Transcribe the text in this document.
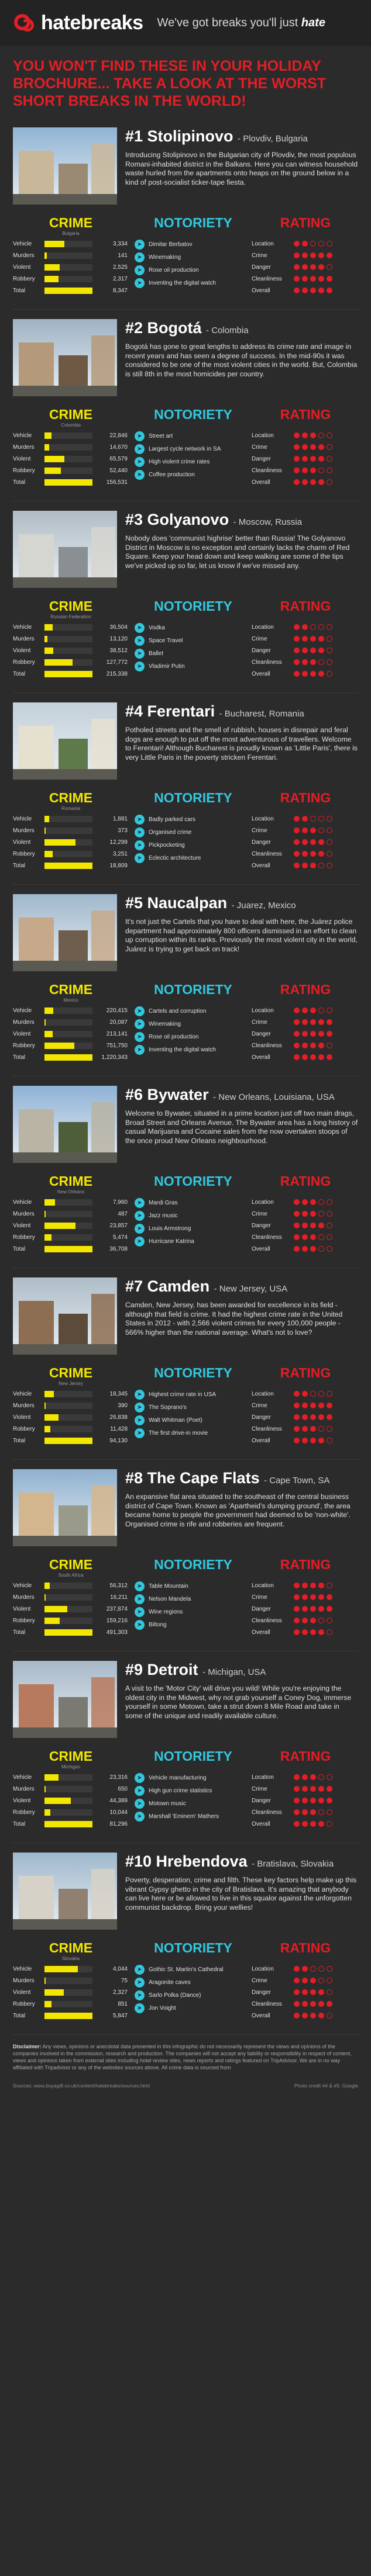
hatebreaks We've got breaks you'll just hate
YOU WON'T FIND THESE IN YOUR HOLIDAY BROCHURE... TAKE A LOOK AT THE WORST SHORT BREAKS IN THE WORLD!
#1 Stolipinovo - Plovdiv, Bulgaria
Introducing Stolipinovo in the Bulgarian city of Plovdiv, the most populous Romani-inhabited district in the Balkans. Here you can witness household waste hurled from the apartments onto heaps on the ground below in a kind of post-socialist ticker-tape fiesta.
CRIME
Bulgaria
Vehicle	3,334
Murders	141
Violent	2,525
Robbery	2,317
Total	8,347
NOTORIETY
➤	Dimitar Berbatov
➤	Winemaking
➤	Rose oil production
➤	Inventing the digital watch
RATING
Location
Crime
Danger
Cleanliness
Overall
#2 Bogotá - Colombia
Bogotá has gone to great lengths to address its crime rate and image in recent years and has seen a degree of success. In the mid-90s it was considered to be one of the most violent cities in the world. But, Colombia is still 8th in the most homicides per country.
CRIME
Colombia
Vehicle	22,846
Murders	14,670
Violent	65,579
Robbery	52,440
Total	156,531
NOTORIETY
➤	Street art
➤	Largest cycle network in SA
➤	High violent crime rates
➤	Coffee production
RATING
Location
Crime
Danger
Cleanliness
Overall
#3 Golyanovo - Moscow, Russia
Nobody does 'communist highrise' better than Russia! The Golyanovo District in Moscow is no exception and certainly lacks the charm of Red Square. Keep your head down and keep walking are some of the tips we've picked up so far, let us know if we've missed any.
CRIME
Russian Federation
Vehicle	36,504
Murders	13,120
Violent	38,512
Robbery	127,772
Total	215,338
NOTORIETY
➤	Vodka
➤	Space Travel
➤	Ballet
➤	Vladimir Putin
RATING
Location
Crime
Danger
Cleanliness
Overall
#4 Ferentari - Bucharest, Romania
Potholed streets and the smell of rubbish, houses in disrepair and feral dogs are enough to put off the most adventurous of travellers. Welcome to Ferentari! Although Bucharest is proudly known as 'Little Paris', there is very Little Paris in the poverty stricken Ferentari.
CRIME
Romania
Vehicle	1,881
Murders	373
Violent	12,299
Robbery	3,251
Total	18,809
NOTORIETY
➤	Badly parked cars
➤	Organised crime
➤	Pickpocketing
➤	Eclectic architecture
RATING
Location
Crime
Danger
Cleanliness
Overall
#5 Naucalpan - Juarez, Mexico
It's not just the Cartels that you have to deal with here, the Juárez police department had approximately 800 officers dismissed in an effort to clean up corruption within its ranks. Previously the most violent city in the world, Juárez is trying to get back on track!
CRIME
Mexico
Vehicle	220,415
Murders	20,087
Violent	213,141
Robbery	751,750
Total	1,220,343
NOTORIETY
➤	Cartels and corruption
➤	Winemaking
➤	Rose oil production
➤	Inventing the digital watch
RATING
Location
Crime
Danger
Cleanliness
Overall
#6 Bywater - New Orleans, Louisiana, USA
Welcome to Bywater, situated in a prime location just off two main drags, Broad Street and Orleans Avenue. The Bywater area has a long history of casual Marijuana and Cocaine sales from the now overtaken stoops of the once proud New Orleans neighbourhood.
CRIME
New Orleans
Vehicle	7,960
Murders	487
Violent	23,857
Robbery	5,474
Total	36,708
NOTORIETY
➤	Mardi Gras
➤	Jazz music
➤	Louis Armstrong
➤	Hurricane Katrina
RATING
Location
Crime
Danger
Cleanliness
Overall
#7 Camden - New Jersey, USA
Camden, New Jersey, has been awarded for excellence in its field - although that field is crime. It had the highest crime rate in the United States in 2012 - with 2,566 violent crimes for every 100,000 people - 566% higher than the national average. What's not to love?
CRIME
New Jersey
Vehicle	18,345
Murders	390
Violent	26,838
Robbery	11,428
Total	94,130
NOTORIETY
➤	Highest crime rate in USA
➤	The Soprano's
➤	Walt Whitman (Poet)
➤	The first drive-in movie
RATING
Location
Crime
Danger
Cleanliness
Overall
#8 The Cape Flats - Cape Town, SA
An expansive flat area situated to the southeast of the central business district of Cape Town. Known as 'Apartheid's dumping ground', the area became home to people the government had deemed to be 'non-white'. Organised crime is rife and robberies are frequent.
CRIME
South Africa
Vehicle	56,312
Murders	16,211
Violent	237,874
Robbery	159,216
Total	491,303
NOTORIETY
➤	Table Mountain
➤	Nelson Mandela
➤	Wine regions
➤	Biltong
RATING
Location
Crime
Danger
Cleanliness
Overall
#9 Detroit - Michigan, USA
A visit to the 'Motor City' will drive you wild! While you're enjoying the oldest city in the Midwest, why not grab yourself a Coney Dog, immerse yourself in some Motown, take a strut down 8 Mile Road and take in some of the unique and readily available culture.
CRIME
Michigan
Vehicle	23,316
Murders	650
Violent	44,389
Robbery	10,044
Total	81,296
NOTORIETY
➤	Vehicle manufacturing
➤	High gun crime statistics
➤	Motown music
➤	Marshall 'Eminem' Mathers
RATING
Location
Crime
Danger
Cleanliness
Overall
#10 Hrebendova - Bratislava, Slovakia
Poverty, desperation, crime and filth. These key factors help make up this vibrant Gypsy ghetto in the city of Bratislava. It's amazing that anybody can live here or be allowed to live in this squalor against the unforgotten communist backdrop. Bring your wellies!
CRIME
Slovakia
Vehicle	4,044
Murders	75
Violent	2,327
Robbery	851
Total	5,847
NOTORIETY
➤	Gothic St. Martin's Cathedral
➤	Aragonite caves
➤	Sarlo Polka (Dance)
➤	Jon Voight
RATING
Location
Crime
Danger
Cleanliness
Overall
Disclaimer: Any views, opinions or anecdotal data presented in this infographic do not necessarily represent the views and opinions of the companies involved in the commission, research and production. The companies will not accept any liability or responsibility in respect of content, views and opinions taken from external sites including hotel review sites, news reports and ratings featured on TripAdvisor. We are in no way affiliated with Tripadvisor or any of the websites sources above. All crime data is sourced from
Sources: www.buyagift.co.uk/content/hatebreaks/sources.html	Photo credit #4 & #5: Google
